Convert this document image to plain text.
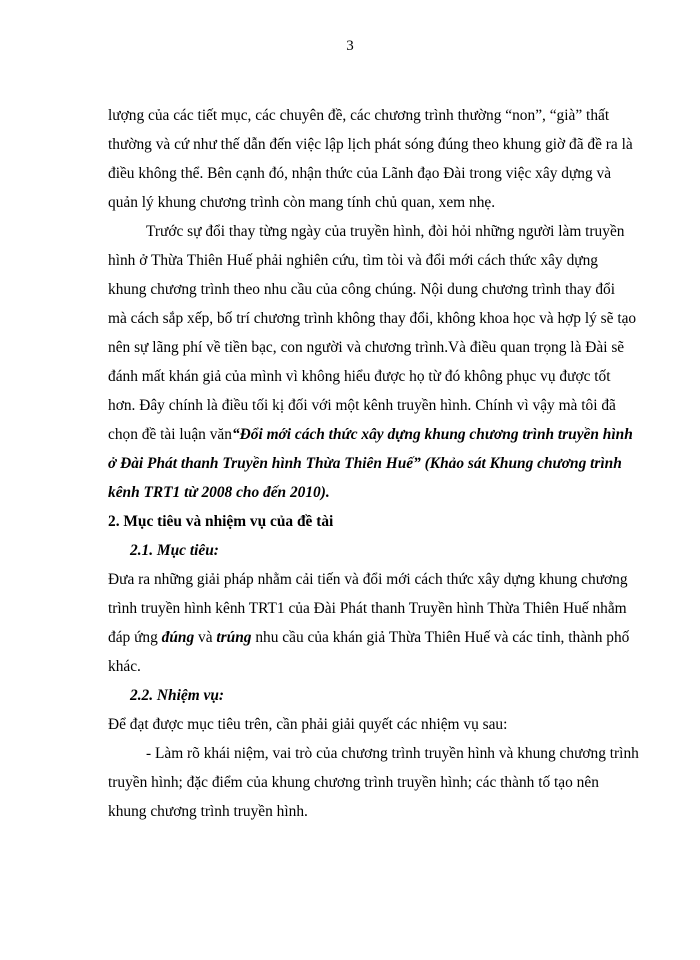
3
lượng của các tiết mục, các chuyên đề, các chương trình thường “non”, “già” thất
thường và cứ như thế dẫn đến việc lập lịch phát sóng đúng theo khung giờ đã đề ra là
điều không thể. Bên cạnh đó, nhận thức của Lãnh đạo Đài trong việc xây dựng và
quản lý khung chương trình còn mang tính chủ quan, xem nhẹ.
Trước sự đổi thay từng ngày của truyền hình, đòi hỏi những người làm truyền
hình ở Thừa Thiên Huế phải nghiên cứu, tìm tòi và đổi mới cách thức xây dựng
khung chương trình theo nhu cầu của công chúng. Nội dung chương trình thay đổi
mà cách sắp xếp, bố trí chương trình không thay đổi, không khoa học và hợp lý sẽ tạo
nên sự lãng phí về tiền bạc, con người và chương trình.Và điều quan trọng là Đài sẽ
đánh mất khán giả của mình vì không hiểu được họ từ đó không phục vụ được tốt
hơn. Đây chính là điều tối kị đối với một kênh truyền hình. Chính vì vậy mà tôi đã
chọn đề tài luận văn“Đổi mới cách thức xây dựng khung chương trình truyền hình
ở Đài Phát thanh Truyền hình Thừa Thiên Huế” (Khảo sát Khung chương trình
kênh TRT1 từ 2008 cho đến 2010).
2. Mục tiêu và nhiệm vụ của đề tài
2.1. Mục tiêu:
Đưa ra những giải pháp nhằm cải tiến và đổi mới cách thức xây dựng khung chương
trình truyền hình kênh TRT1 của Đài Phát thanh Truyền hình Thừa Thiên Huế nhằm
đáp ứng đúng và trúng nhu cầu của khán giả Thừa Thiên Huế và các tỉnh, thành phố
khác.
2.2. Nhiệm vụ:
Để đạt được mục tiêu trên, cần phải giải quyết các nhiệm vụ sau:
- Làm rõ khái niệm, vai trò của chương trình truyền hình và khung chương trình
truyền hình; đặc điểm của khung chương trình truyền hình; các thành tố tạo nên
khung chương trình truyền hình.
